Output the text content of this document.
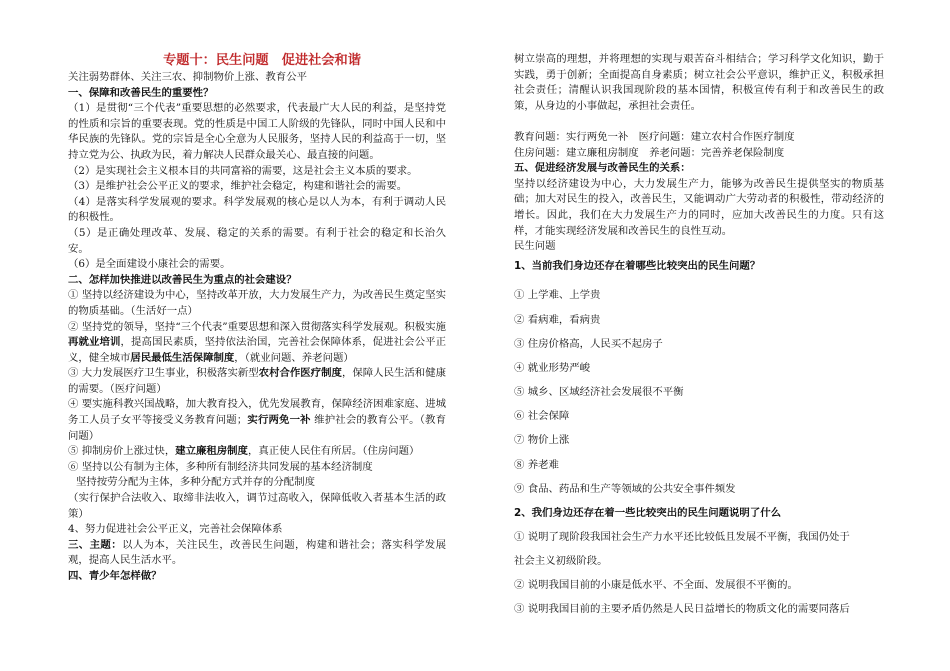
专题十：民生问题　促进社会和谐

关注弱势群体、关注三农、抑制物价上涨、教育公平

一、保障和改善民生的重要性？

（1）是贯彻“三个代表”重要思想的必然要求，代表最广大人民的利益，是坚持党的性质和宗旨的重要表现。党的性质是中国工人阶级的先锋队，同时中国人民和中华民族的先锋队。党的宗旨是全心全意为人民服务，坚持人民的利益高于一切，坚持立党为公、执政为民，着力解决人民群众最关心、最直接的问题。

（2）是实现社会主义根本目的共同富裕的需要，这是社会主义本质的要求。

（3）是维护社会公平正义的要求，维护社会稳定，构建和谐社会的需要。

（4）是落实科学发展观的要求。科学发展观的核心是以人为本，有利于调动人民的积极性。

（5）是正确处理改革、发展、稳定的关系的需要。有利于社会的稳定和长治久安。

（6）是全面建设小康社会的需要。

二、怎样加快推进以改善民生为重点的社会建设？

① 坚持以经济建设为中心，坚持改革开放，大力发展生产力，为改善民生奠定坚实的物质基础。（生活好一点）

② 坚持党的领导，坚持“三个代表”重要思想和深入贯彻落实科学发展观。积极实施再就业培训，提高国民素质，坚持依法治国，完善社会保障体系，促进社会公平正义，健全城市居民最低生活保障制度，（就业问题、养老问题）

③ 大力发展医疗卫生事业，积极落实新型农村合作医疗制度，保障人民生活和健康的需要。（医疗问题）

④ 要实施科教兴国战略，加大教育投入，优先发展教育，保障经济困难家庭、进城务工人员子女平等接受义务教育问题；实行两免一补 维护社会的教育公平。（教育问题）

⑤ 抑制房价上涨过快，建立廉租房制度，真正使人民住有所居。（住房问题）

⑥ 坚持以公有制为主体，多种所有制经济共同发展的基本经济制度

坚持按劳分配为主体，多种分配方式并存的分配制度

（实行保护合法收入、取缔非法收入，调节过高收入，保障低收入者基本生活的政策）

4、努力促进社会公平正义，完善社会保障体系

三、主题：以人为本，关注民生，改善民生问题，构建和谐社会；落实科学发展观，提高人民生活水平。

四、青少年怎样做？

树立崇高的理想，并将理想的实现与艰苦奋斗相结合；学习科学文化知识，勤于实践，勇于创新；全面提高自身素质；树立社会公平意识，维护正义，积极承担社会责任；清醒认识我国现阶段的基本国情，积极宣传有利于和改善民生的政策，从身边的小事做起，承担社会责任。

教育问题：实行两免一补　医疗问题：建立农村合作医疗制度

住房问题：建立廉租房制度　养老问题：完善养老保险制度

五、促进经济发展与改善民生的关系：

坚持以经济建设为中心，大力发展生产力，能够为改善民生提供坚实的物质基础；加大对民生的投入，改善民生，又能调动广大劳动者的积极性，带动经济的增长。因此，我们在大力发展生产力的同时，应加大改善民生的力度。只有这样，才能实现经济发展和改善民生的良性互动。

民生问题

1、当前我们身边还存在着哪些比较突出的民生问题？

① 上学难、上学贵

② 看病难，看病贵

③ 住房价格高，人民买不起房子

④ 就业形势严峻

⑤ 城乡、区域经济社会发展很不平衡

⑥ 社会保障

⑦ 物价上涨

⑧ 养老难

⑨ 食品、药品和生产等领域的公共安全事件频发

2、我们身边还存在着一些比较突出的民生问题说明了什么

① 说明了现阶段我国社会生产力水平还比较低且发展不平衡，我国仍处于

社会主义初级阶段。

② 说明我国目前的小康是低水平、不全面、发展很不平衡的。

③ 说明我国目前的主要矛盾仍然是人民日益增长的物质文化的需要同落后
